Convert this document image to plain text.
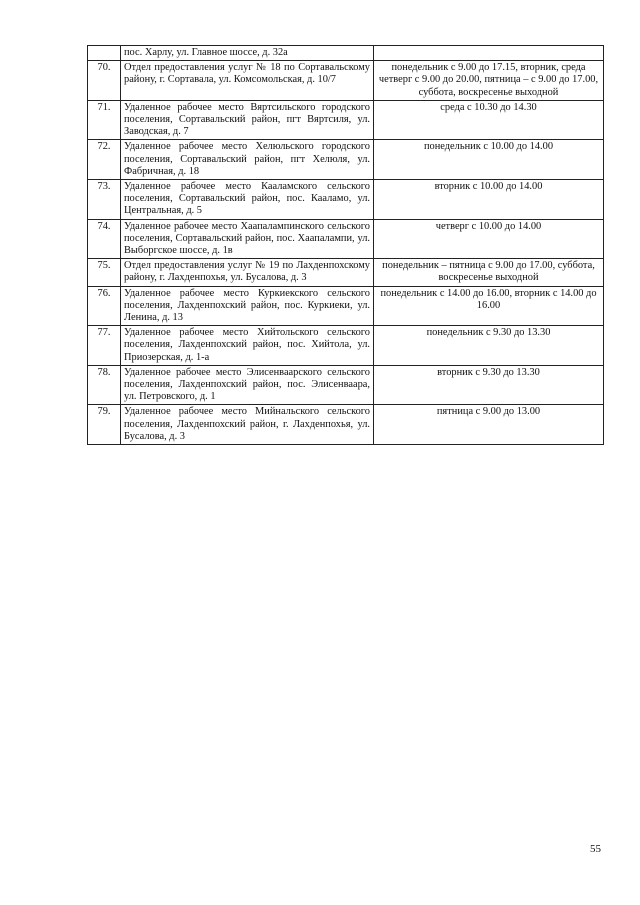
	пос. Харлу, ул. Главное шоссе, д. 32а	
70.	Отдел предоставления услуг № 18 по Сортавальскому району, г. Сортавала, ул. Комсомольская, д. 10/7	понедельник с 9.00 до 17.15, вторник, среда четверг с 9.00 до 20.00, пятница – с 9.00 до 17.00, суббота, воскресенье выходной
71.	Удаленное рабочее место Вяртсильского городского поселения, Сортавальский район, пгт Вяртсиля, ул. Заводская, д. 7	среда с 10.30 до 14.30
72.	Удаленное рабочее место Хелюльского городского поселения, Сортавальский район, пгт Хелюля, ул. Фабричная, д. 18	понедельник с 10.00 до 14.00
73.	Удаленное рабочее место Кааламского сельского поселения, Сортавальский район, пос. Каалaмо, ул. Центральная, д. 5	вторник с 10.00 до 14.00
74.	Удаленное рабочее место Хаапалампинского сельского поселения, Сортавальский район, пос. Хаапалампи, ул. Выборгское шоссе, д. 1в	четверг с 10.00 до 14.00
75.	Отдел предоставления услуг № 19 по Лахденпохскому району, г. Лахденпохья, ул. Бусалова, д. 3	понедельник – пятница с 9.00 до 17.00, суббота, воскресенье выходной
76.	Удаленное рабочее место Куркиекского сельского поселения, Лахденпохский район, пос. Куркиеки, ул. Ленина, д. 13	понедельник с 14.00 до 16.00, вторник с 14.00 до 16.00
77.	Удаленное рабочее место Хийтольского сельского поселения, Лахденпохский район, пос. Хийтола, ул. Приозерская, д. 1-а	понедельник с 9.30 до 13.30
78.	Удаленное рабочее место Элисенваарского сельского поселения, Лахденпохский район, пос. Элисенваара, ул. Петровского, д. 1	вторник с 9.30 до 13.30
79.	Удаленное рабочее место Мийнальского сельского поселения, Лахденпохский район, г. Лахденпохья, ул. Бусалова, д. 3	пятница с 9.00 до 13.00
55
